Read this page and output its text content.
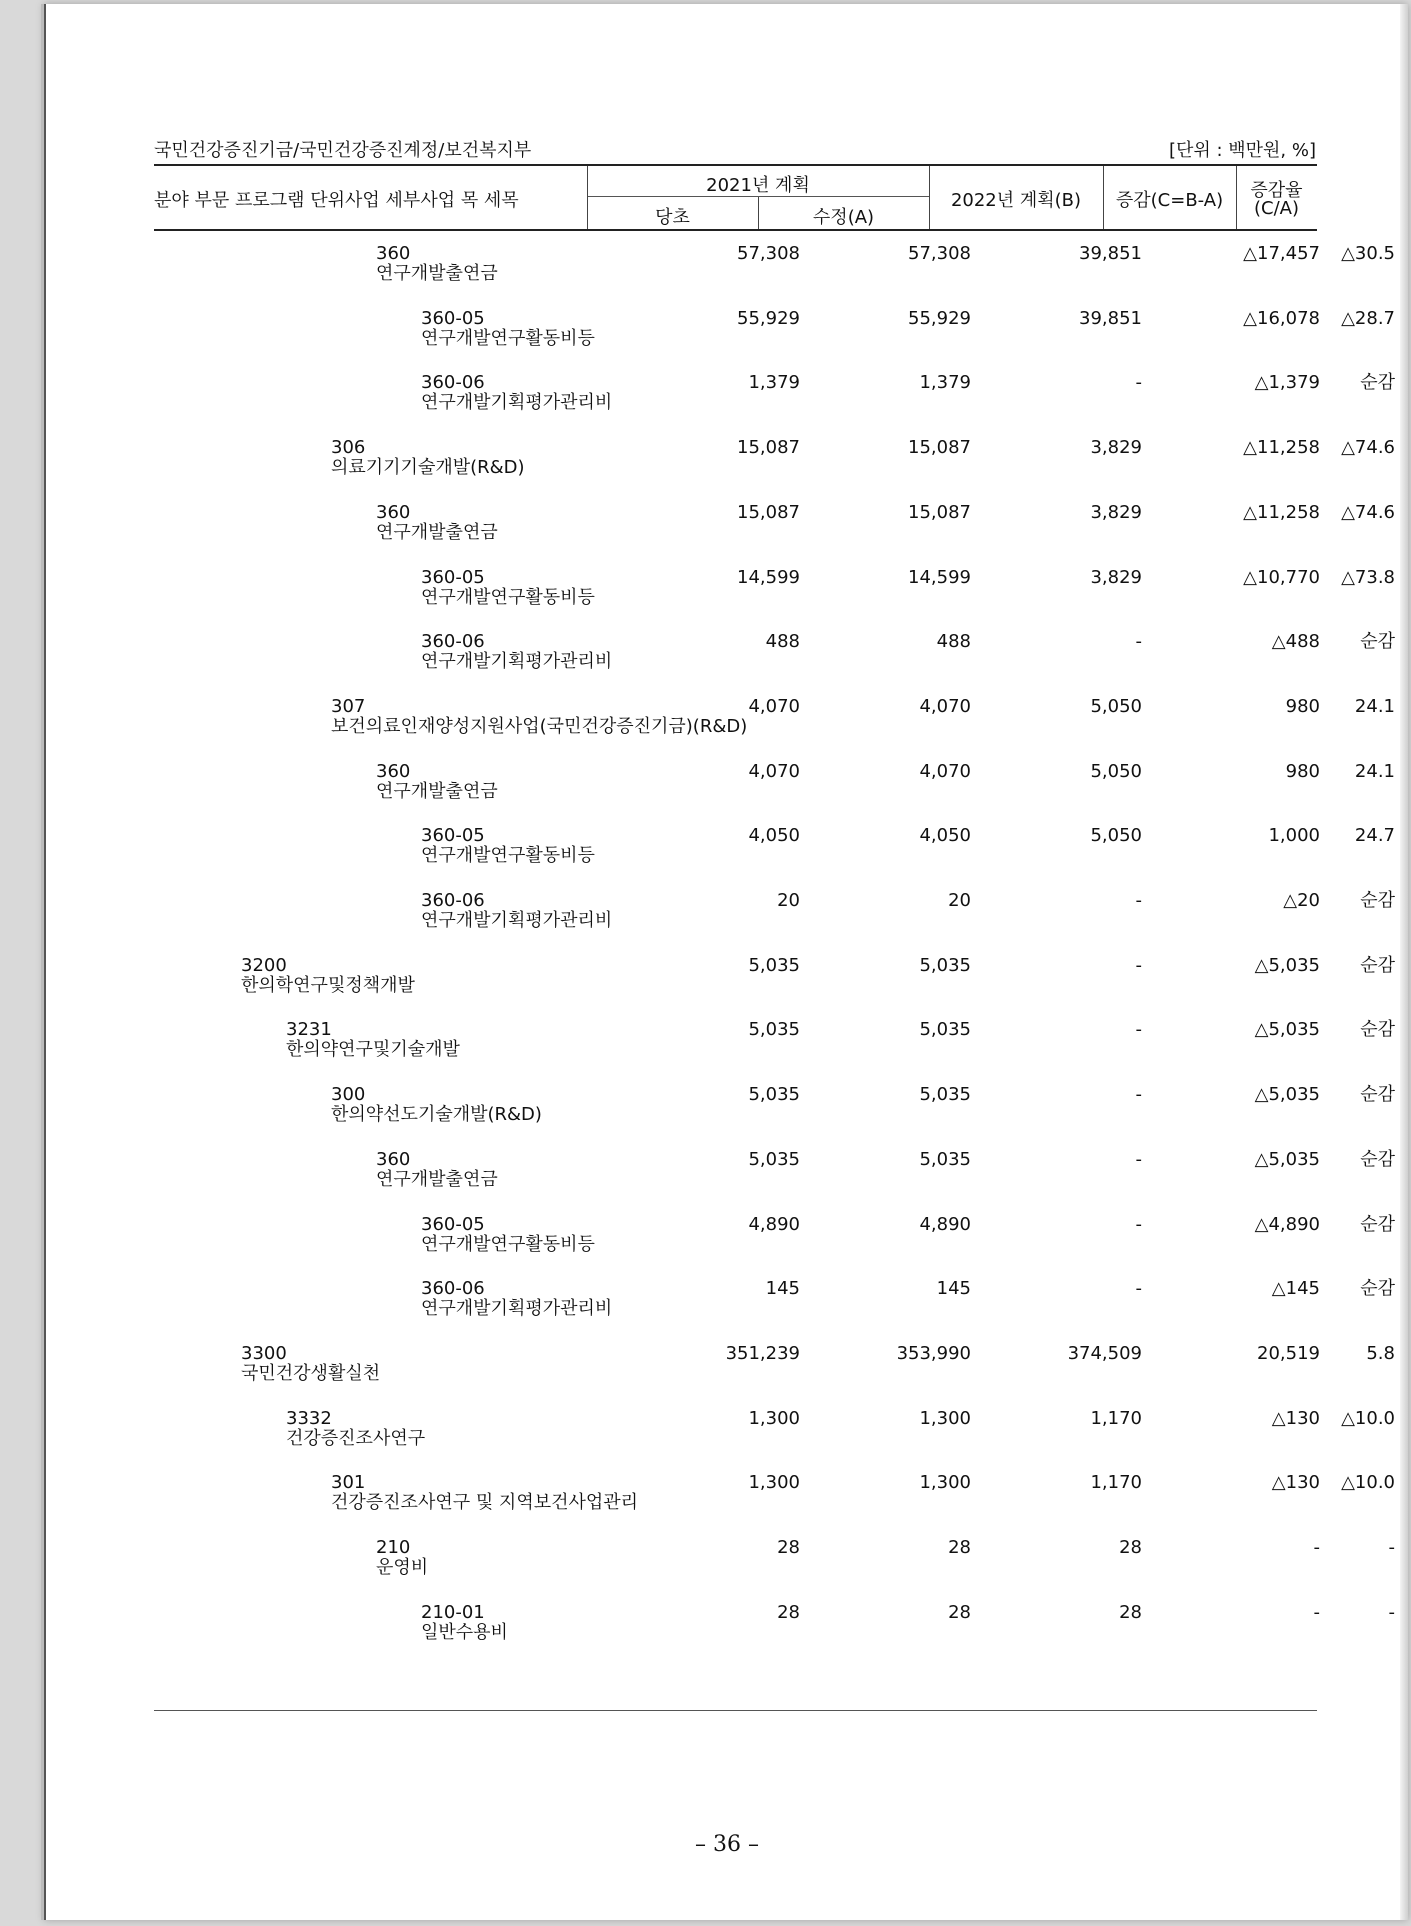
국민건강증진기금/국민건강증진계정/보건복지부	[단위 : 백만원, %]
분야 부문 프로그램 단위사업 세부사업 목 세목
2021년 계획
당초	수정(A)
2022년 계획(B)	증감(C=B-A)	증감율
(C/A)
360
연구개발출연금
57,308	57,308	39,851	△17,457 △30.5
360-05
연구개발연구활동비등
55,929	55,929	39,851	△16,078 △28.7
360-06
연구개발기획평가관리비
1,379	1,379	-	△1,379 순감
306
의료기기기술개발(R&D)
15,087	15,087	3,829	△11,258 △74.6
360
연구개발출연금
15,087	15,087	3,829	△11,258 △74.6
360-05
연구개발연구활동비등
14,599	14,599	3,829	△10,770 △73.8
360-06
연구개발기획평가관리비
488	488	-	△488 순감
307
보건의료인재양성지원사업(국민건강증진기금)(R&D)
4,070	4,070	5,050	980 24.1
360
연구개발출연금
4,070	4,070	5,050	980 24.1
360-05
연구개발연구활동비등
4,050	4,050	5,050	1,000 24.7
360-06
연구개발기획평가관리비
20	20	-	△20 순감
3200
한의학연구및정책개발
5,035	5,035	-	△5,035 순감
3231
한의약연구및기술개발
5,035	5,035	-	△5,035 순감
300
한의약선도기술개발(R&D)
5,035	5,035	-	△5,035 순감
360
연구개발출연금
5,035	5,035	-	△5,035 순감
360-05
연구개발연구활동비등
4,890	4,890	-	△4,890 순감
360-06
연구개발기획평가관리비
145	145	-	△145 순감
3300
국민건강생활실천
351,239	353,990	374,509	20,519	5.8
3332
건강증진조사연구
1,300	1,300	1,170	△130 △10.0
301
건강증진조사연구 및 지역보건사업관리
1,300	1,300	1,170	△130 △10.0
210
운영비
28	28	28	-	-
210-01
일반수용비
28	28	28	-	-
– 36 –
